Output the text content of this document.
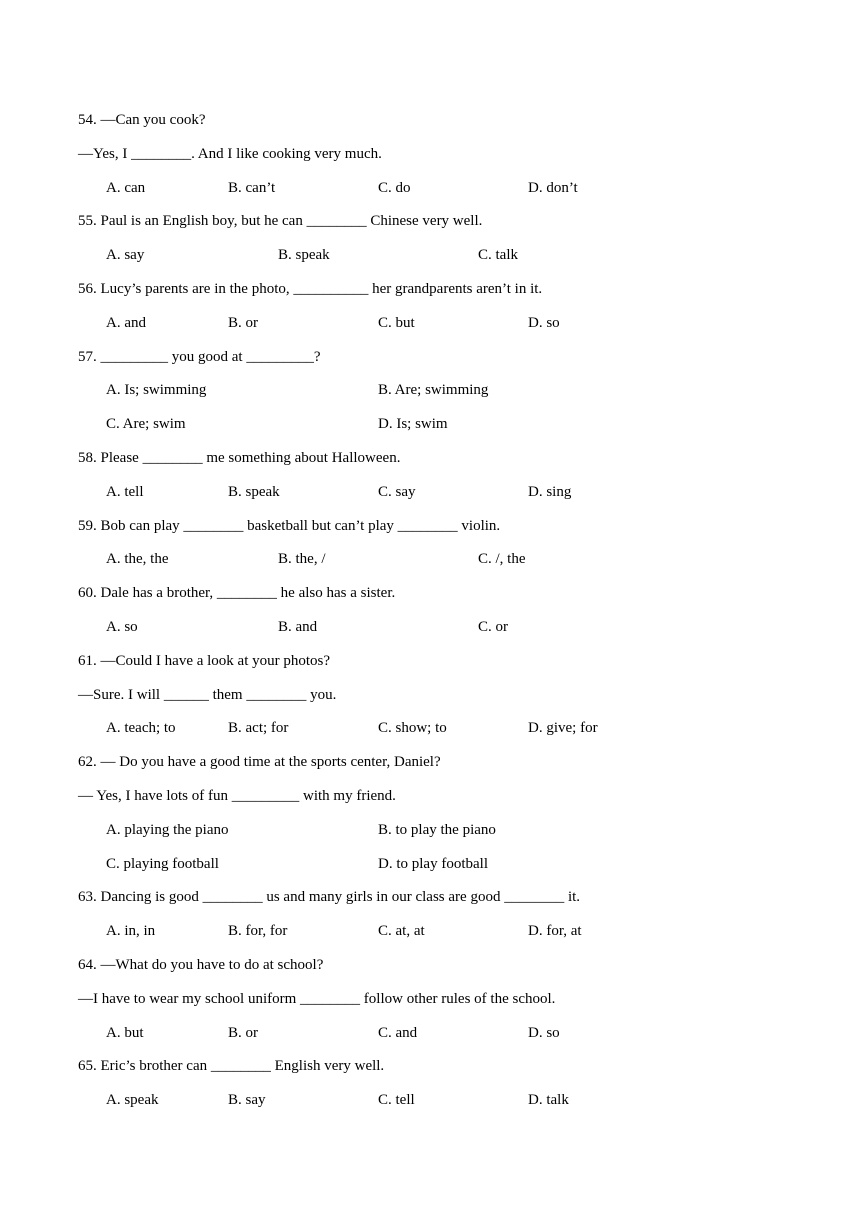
54. —Can you cook?
—Yes, I ________. And I like cooking very much.
A. can	B. can’t	C. do	D. don’t
55. Paul is an English boy, but he can ________ Chinese very well.
A. say	B. speak	C. talk
56. Lucy’s parents are in the photo, __________ her grandparents aren’t in it.
A. and	B. or	C. but	D. so
57. _________ you good at _________?
A. Is; swimming	B. Are; swimming
C. Are; swim	D. Is; swim
58. Please ________ me something about Halloween.
A. tell	B. speak	C. say	D. sing
59. Bob can play ________ basketball but can’t play ________ violin.
A. the, the	B. the, /	C. /, the
60. Dale has a brother, ________ he also has a sister.
A. so	B. and	C. or
61. —Could I have a look at your photos?
—Sure. I will ______ them ________ you.
A. teach; to	B. act; for	C. show; to	D. give; for
62. — Do you have a good time at the sports center, Daniel?
— Yes, I have lots of fun _________ with my friend.
A. playing the piano	B. to play the piano
C. playing football	D. to play football
63. Dancing is good ________ us and many girls in our class are good ________ it.
A. in, in	B. for, for	C. at, at	D. for, at
64. —What do you have to do at school?
—I have to wear my school uniform ________ follow other rules of the school.
A. but	B. or	C. and	D. so
65. Eric’s brother can ________ English very well.
A. speak	B. say	C. tell	D. talk
